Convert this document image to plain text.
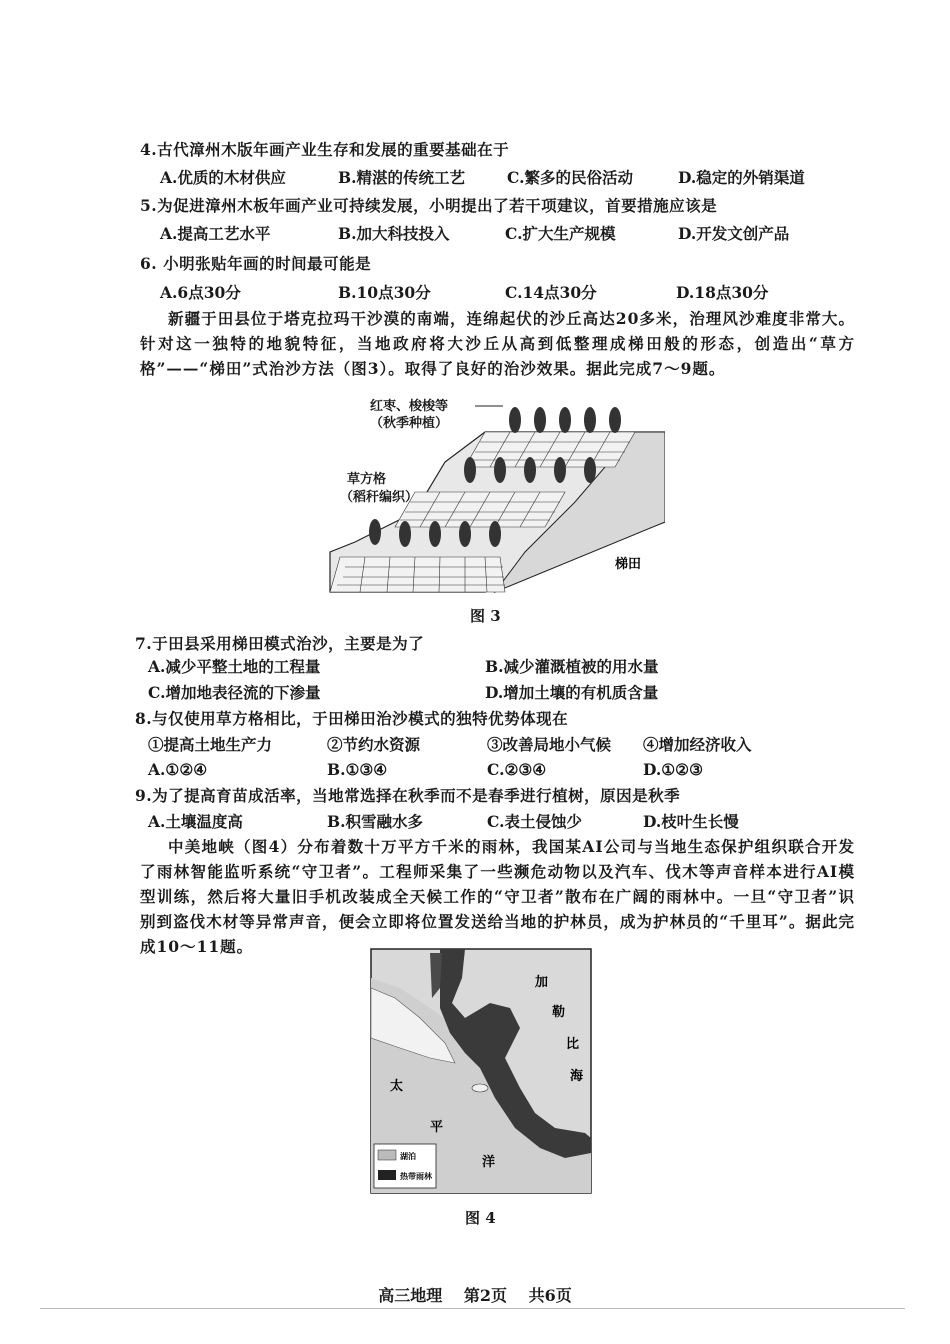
4.古代漳州木版年画产业生存和发展的重要基础在于
A.优质的木材供应	B.精湛的传统工艺	C.繁多的民俗活动	D.稳定的外销渠道
5.为促进漳州木板年画产业可持续发展，小明提出了若干项建议，首要措施应该是
A.提高工艺水平	B.加大科技投入	C.扩大生产规模	D.开发文创产品
6. 小明张贴年画的时间最可能是
A.6点30分	B.10点30分	C.14点30分	D.18点30分
新疆于田县位于塔克拉玛干沙漠的南端，连绵起伏的沙丘高达20多米，治理风沙难度非常大。针对这一独特的地貌特征，当地政府将大沙丘从高到低整理成梯田般的形态，创造出“草方格”——“梯田”式治沙方法（图3）。取得了良好的治沙效果。据此完成7～9题。
梯田
红枣、梭梭等
（秋季种植）
草方格
（稻秆编织）
图 3
7.于田县采用梯田模式治沙，主要是为了
A.减少平整土地的工程量	B.减少灌溉植被的用水量
C.增加地表径流的下渗量	D.增加土壤的有机质含量
8.与仅使用草方格相比，于田梯田治沙模式的独特优势体现在
①提高土地生产力	②节约水资源	③改善局地小气候 ④增加经济收入
A.①②④	B.①③④	C.②③④	D.①②③
9.为了提高育苗成活率，当地常选择在秋季而不是春季进行植树，原因是秋季
A.土壤温度高	B.积雪融水多	C.表土侵蚀少	D.枝叶生长慢
中美地峡（图4）分布着数十万平方千米的雨林，我国某AI公司与当地生态保护组织联合开发了雨林智能监听系统“守卫者”。工程师采集了一些濒危动物以及汽车、伐木等声音样本进行AI模型训练，然后将大量旧手机改装成全天候工作的“守卫者”散布在广阔的雨林中。一旦“守卫者”识别到盗伐木材等异常声音，便会立即将位置发送给当地的护林员，成为护林员的“千里耳”。据此完成10～11题。
加
勒
比
海
太
平
洋
湖泊
热带雨林
图 4
高三地理 第2页 共6页
